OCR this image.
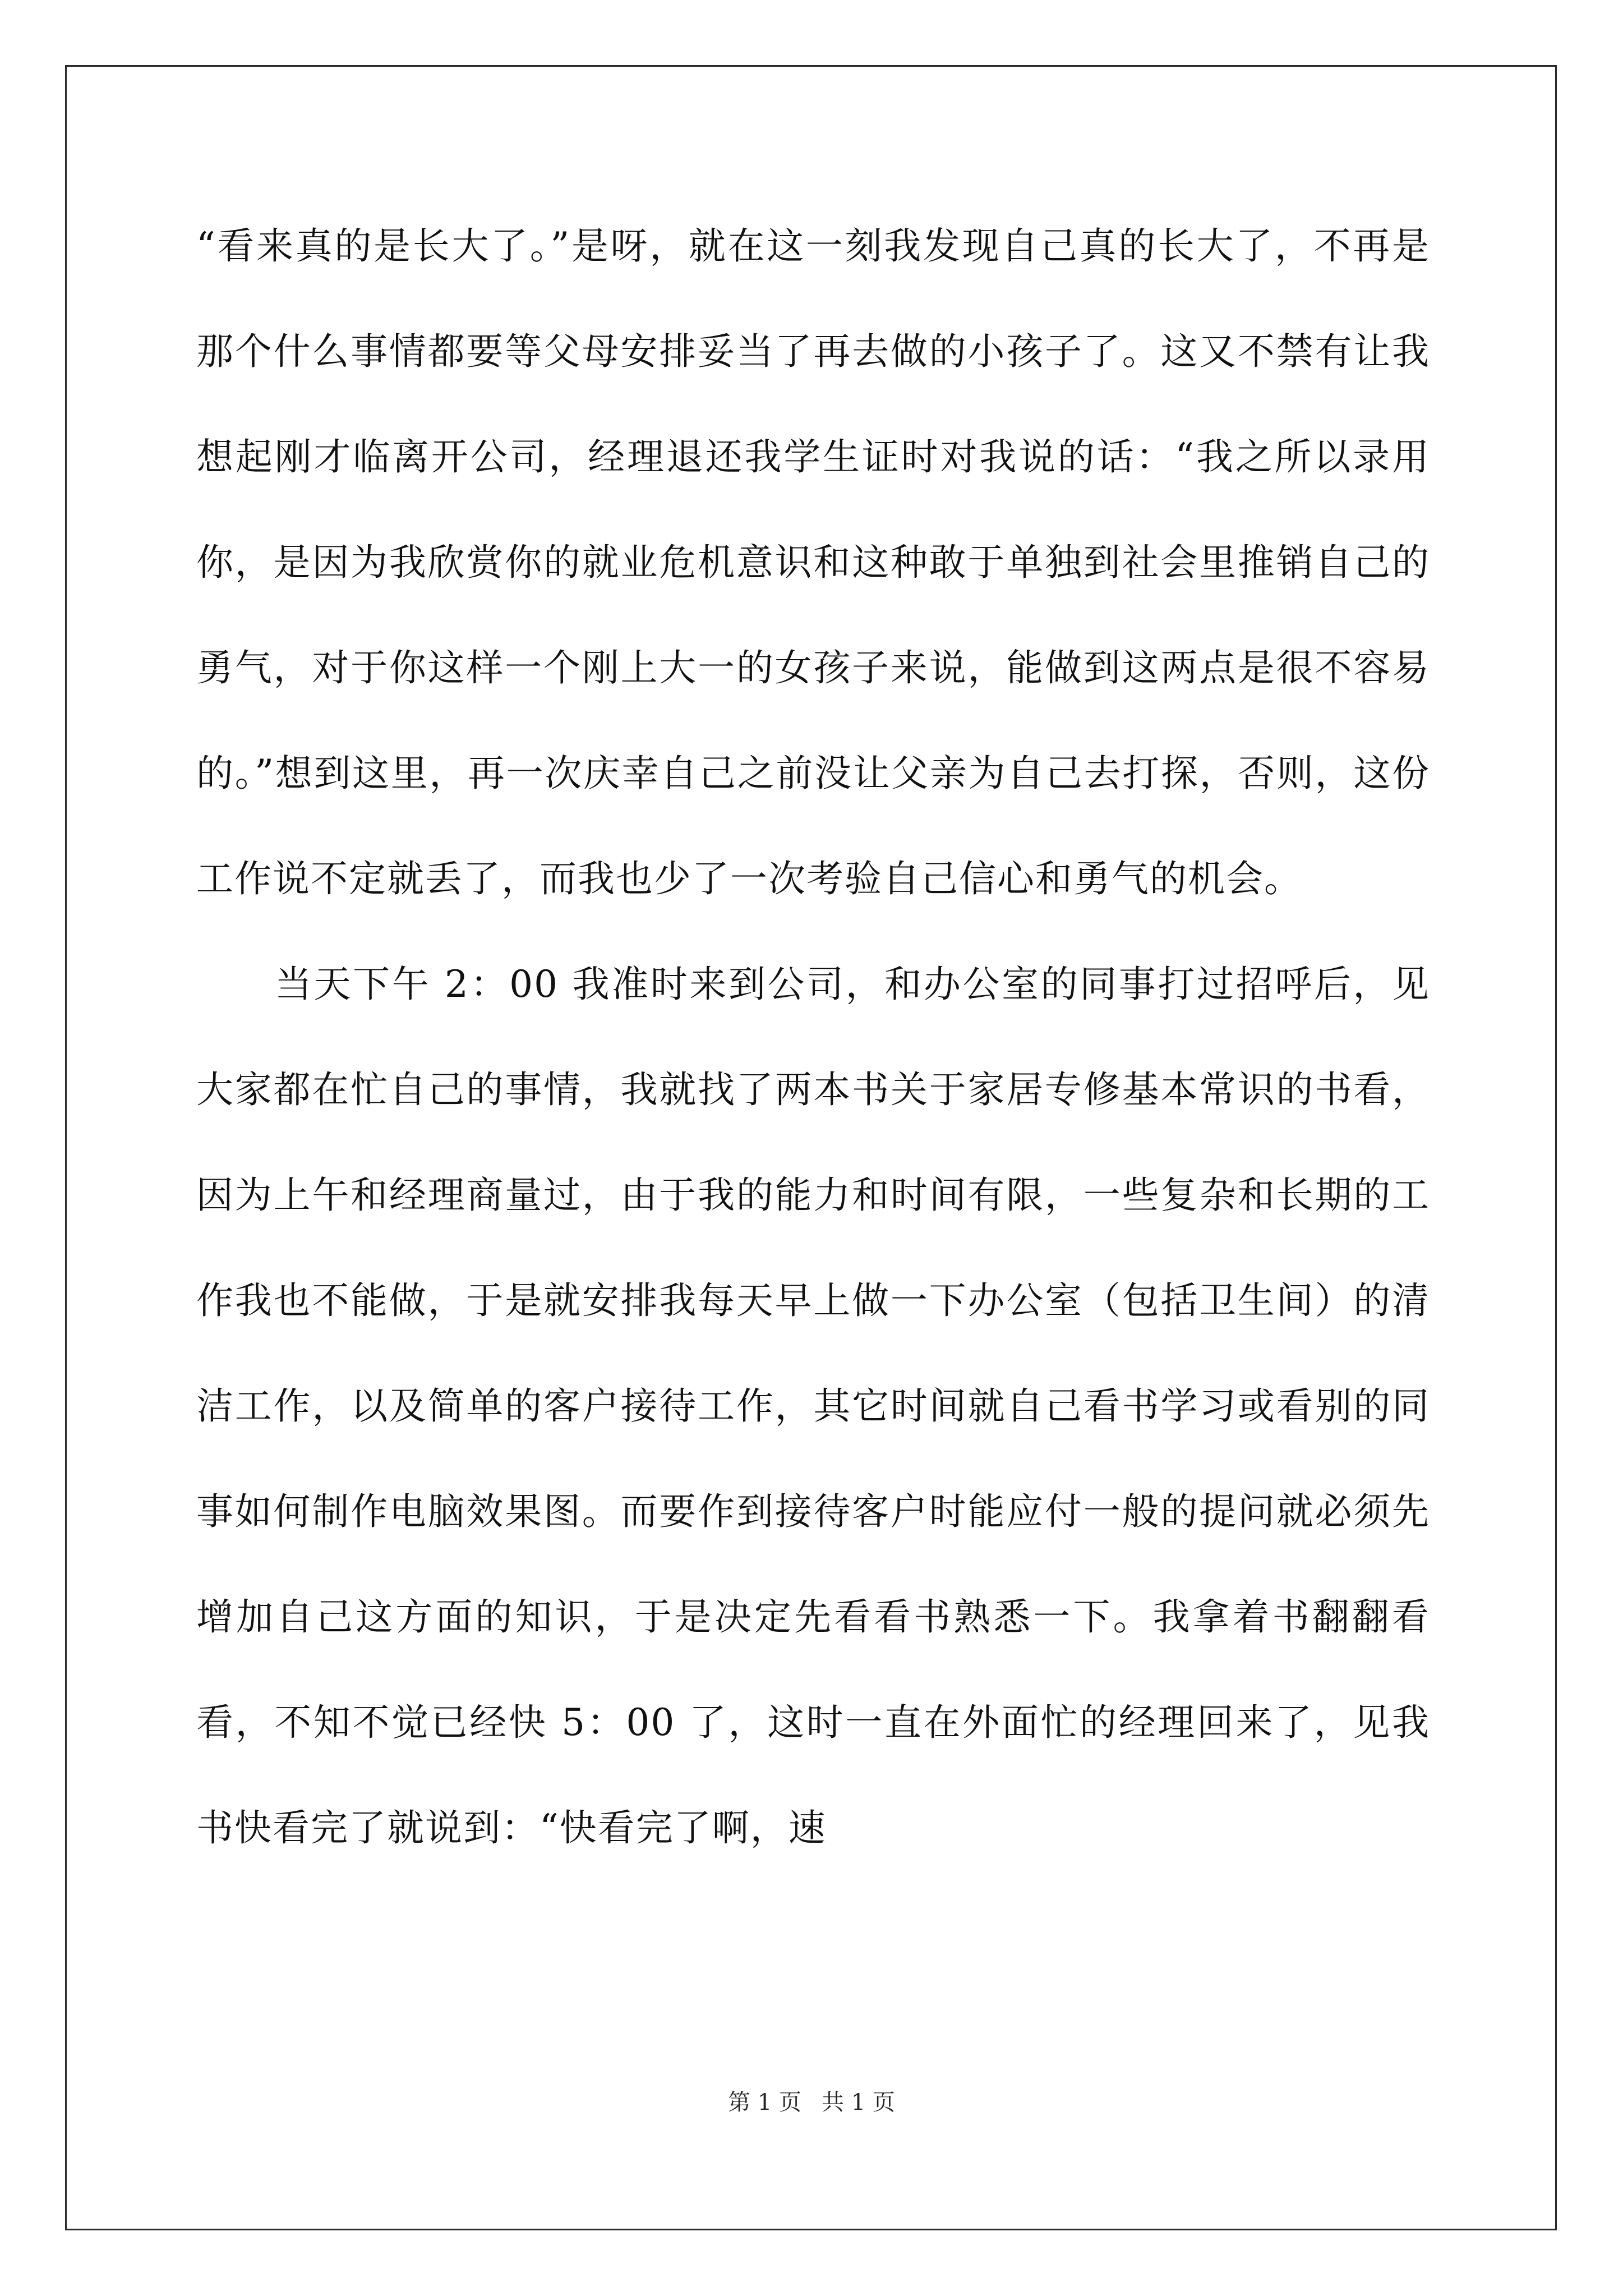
“看来真的是长大了。”是呀，就在这一刻我发现自己真的长大了，不再是那个什么事情都要等父母安排妥当了再去做的小孩子了。这又不禁有让我想起刚才临离开公司，经理退还我学生证时对我说的话：“我之所以录用你，是因为我欣赏你的就业危机意识和这种敢于单独到社会里推销自己的勇气，对于你这样一个刚上大一的女孩子来说，能做到这两点是很不容易的。”想到这里，再一次庆幸自己之前没让父亲为自己去打探，否则，这份工作说不定就丢了，而我也少了一次考验自己信心和勇气的机会。

当天下午 2：00 我准时来到公司，和办公室的同事打过招呼后，见大家都在忙自己的事情，我就找了两本书关于家居专修基本常识的书看，因为上午和经理商量过，由于我的能力和时间有限，一些复杂和长期的工作我也不能做，于是就安排我每天早上做一下办公室（包括卫生间）的清洁工作，以及简单的客户接待工作，其它时间就自己看书学习或看别的同事如何制作电脑效果图。而要作到接待客户时能应付一般的提问就必须先增加自己这方面的知识，于是决定先看看书熟悉一下。我拿着书翻翻看看，不知不觉已经快 5：00 了，这时一直在外面忙的经理回来了，见我书快看完了就说到：“快看完了啊，速

第 1 页 共 1 页
